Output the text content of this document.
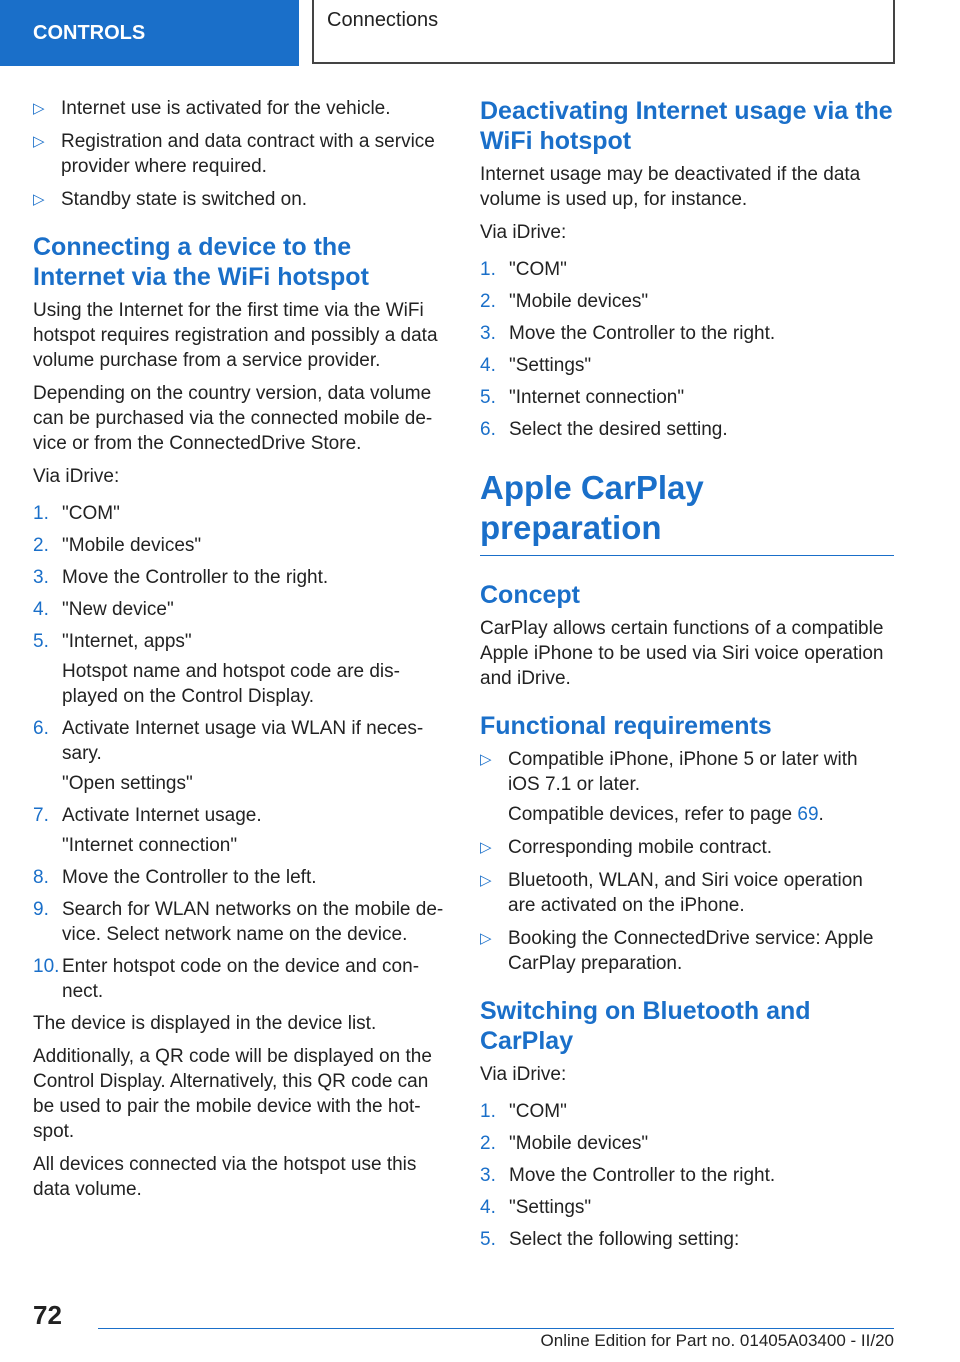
CONTROLS
Connections
▷ Internet use is activated for the vehicle.
▷ Registration and data contract with a service provider where required.
▷ Standby state is switched on.
Connecting a device to the Internet via the WiFi hotspot

Using the Internet for the first time via the WiFi hotspot requires registration and possibly a data volume purchase from a service provider.

Depending on the country version, data volume can be purchased via the connected mobile de-vice or from the ConnectedDrive Store.

Via iDrive:

1. "COM"
2. "Mobile devices"
3. Move the Controller to the right.
4. "New device"
5. "Internet, apps"
Hotspot name and hotspot code are dis-played on the Control Display.
6. Activate Internet usage via WLAN if neces-sary.
"Open settings"
7. Activate Internet usage.
"Internet connection"
8. Move the Controller to the left.
9. Search for WLAN networks on the mobile de-vice. Select network name on the device.
10. Enter hotspot code on the device and con-nect.

The device is displayed in the device list.

Additionally, a QR code will be displayed on the Control Display. Alternatively, this QR code can be used to pair the mobile device with the hot-spot.

All devices connected via the hotspot use this data volume.

Deactivating Internet usage via the WiFi hotspot

Internet usage may be deactivated if the data volume is used up, for instance.

Via iDrive:

1. "COM"
2. "Mobile devices"
3. Move the Controller to the right.
4. "Settings"
5. "Internet connection"
6. Select the desired setting.
Apple CarPlay preparation
Concept

CarPlay allows certain functions of a compatible Apple iPhone to be used via Siri voice operation and iDrive.

Functional requirements
▷ Compatible iPhone, iPhone 5 or later with iOS 7.1 or later.
Compatible devices, refer to page 69.
▷ Corresponding mobile contract.
▷ Bluetooth, WLAN, and Siri voice operation are activated on the iPhone.
▷ Booking the ConnectedDrive service: Apple CarPlay preparation.
Switching on Bluetooth and CarPlay

Via iDrive:

1. "COM"
2. "Mobile devices"
3. Move the Controller to the right.
4. "Settings"
5. Select the following setting:
72
Online Edition for Part no. 01405A03400 - II/20
